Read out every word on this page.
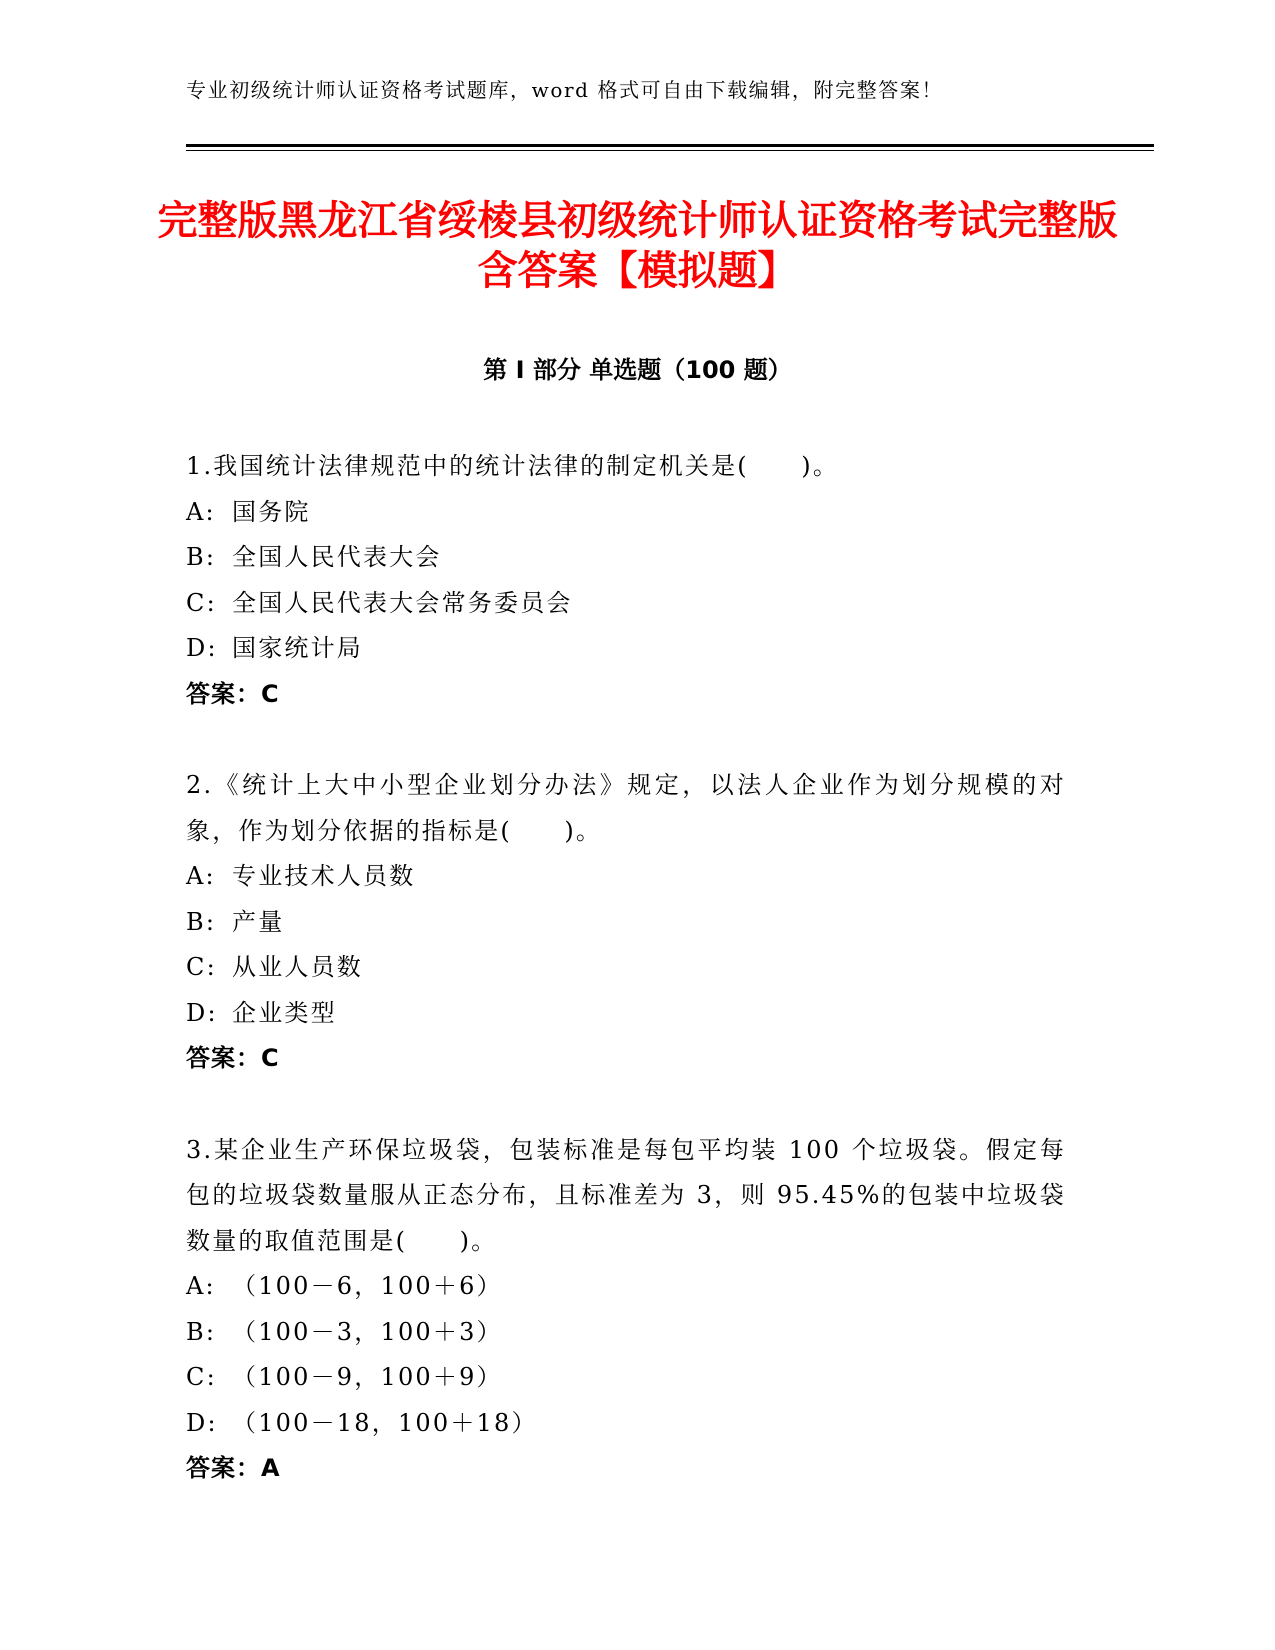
专业初级统计师认证资格考试题库，word 格式可自由下载编辑，附完整答案！
完整版黑龙江省绥棱县初级统计师认证资格考试完整版含答案【模拟题】
第 I 部分 单选题（100 题）

1.我国统计法律规范中的统计法律的制定机关是(　　)。

A: 国务院

B: 全国人民代表大会

C: 全国人民代表大会常务委员会

D: 国家统计局

答案：C

2.《统计上大中小型企业划分办法》规定，以法人企业作为划分规模的对象，作为划分依据的指标是(　　)。

A: 专业技术人员数

B: 产量

C: 从业人员数

D: 企业类型

答案：C

3.某企业生产环保垃圾袋，包装标准是每包平均装 100 个垃圾袋。假定每包的垃圾袋数量服从正态分布，且标准差为 3，则 95.45%的包装中垃圾袋数量的取值范围是(　　)。

A: （100－6，100＋6）

B: （100－3，100＋3）

C: （100－9，100＋9）

D: （100－18，100＋18）

答案：A
